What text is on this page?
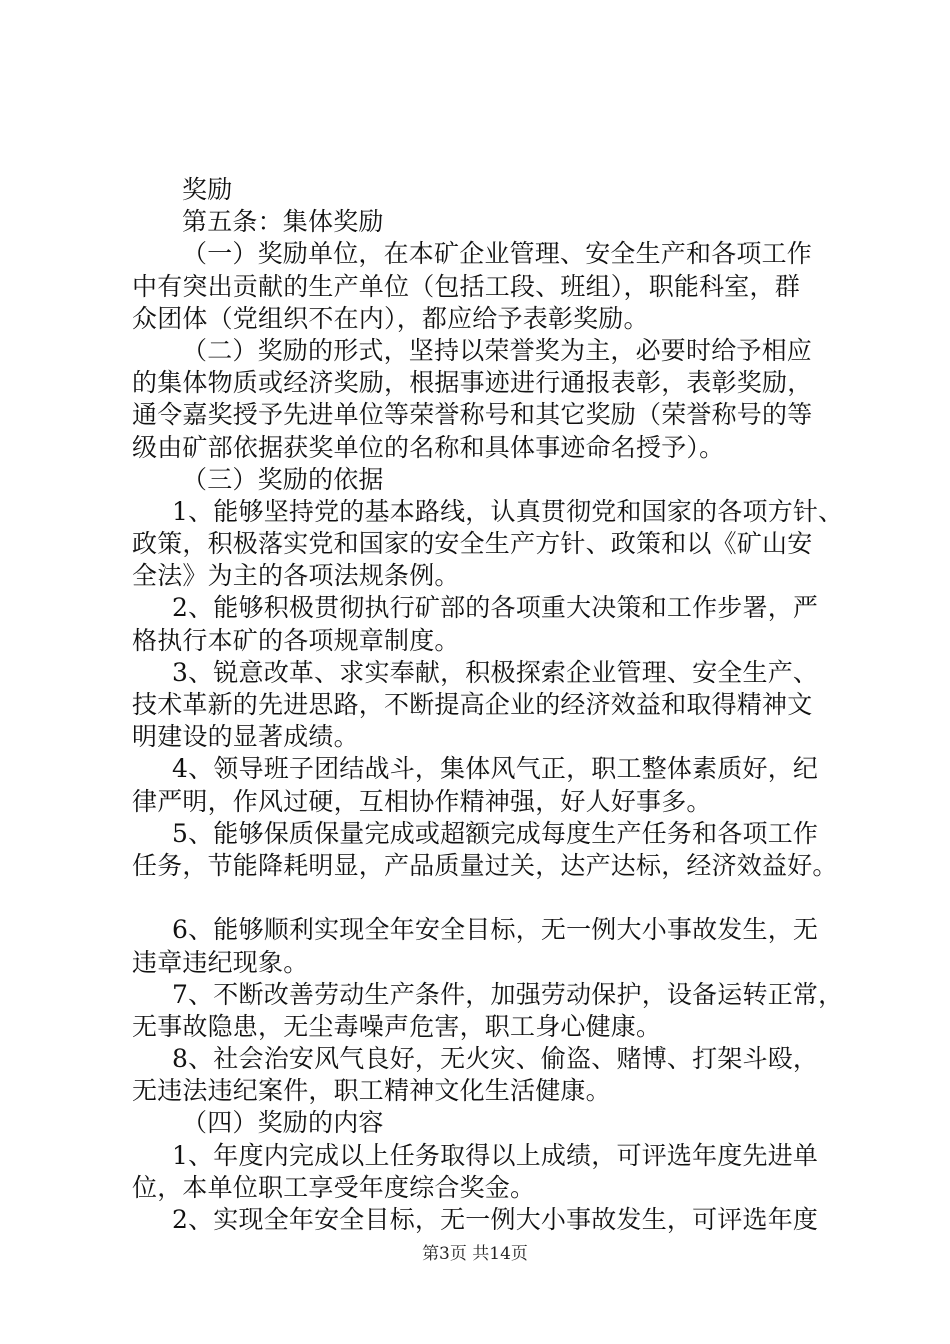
奖励
第五条：集体奖励
（一）奖励单位，在本矿企业管理、安全生产和各项工作
中有突出贡献的生产单位（包括工段、班组），职能科室，群
众团体（党组织不在内），都应给予表彰奖励。
（二）奖励的形式，坚持以荣誉奖为主，必要时给予相应
的集体物质或经济奖励，根据事迹进行通报表彰，表彰奖励，
通令嘉奖授予先进单位等荣誉称号和其它奖励（荣誉称号的等
级由矿部依据获奖单位的名称和具体事迹命名授予）。
（三）奖励的依据
1、能够坚持党的基本路线，认真贯彻党和国家的各项方针、
政策，积极落实党和国家的安全生产方针、政策和以《矿山安
全法》为主的各项法规条例。
2、能够积极贯彻执行矿部的各项重大决策和工作步署，严
格执行本矿的各项规章制度。
3、锐意改革、求实奉献，积极探索企业管理、安全生产、
技术革新的先进思路，不断提高企业的经济效益和取得精神文
明建设的显著成绩。
4、领导班子团结战斗，集体风气正，职工整体素质好，纪
律严明，作风过硬，互相协作精神强，好人好事多。
5、能够保质保量完成或超额完成每度生产任务和各项工作
任务，节能降耗明显，产品质量过关，达产达标，经济效益好。
6、能够顺利实现全年安全目标，无一例大小事故发生，无
违章违纪现象。
7、不断改善劳动生产条件，加强劳动保护，设备运转正常，
无事故隐患，无尘毒噪声危害，职工身心健康。
8、社会治安风气良好，无火灾、偷盗、赌博、打架斗殴，
无违法违纪案件，职工精神文化生活健康。
（四）奖励的内容
1、年度内完成以上任务取得以上成绩，可评选年度先进单
位，本单位职工享受年度综合奖金。
2、实现全年安全目标，无一例大小事故发生，可评选年度
第3页 共14页
